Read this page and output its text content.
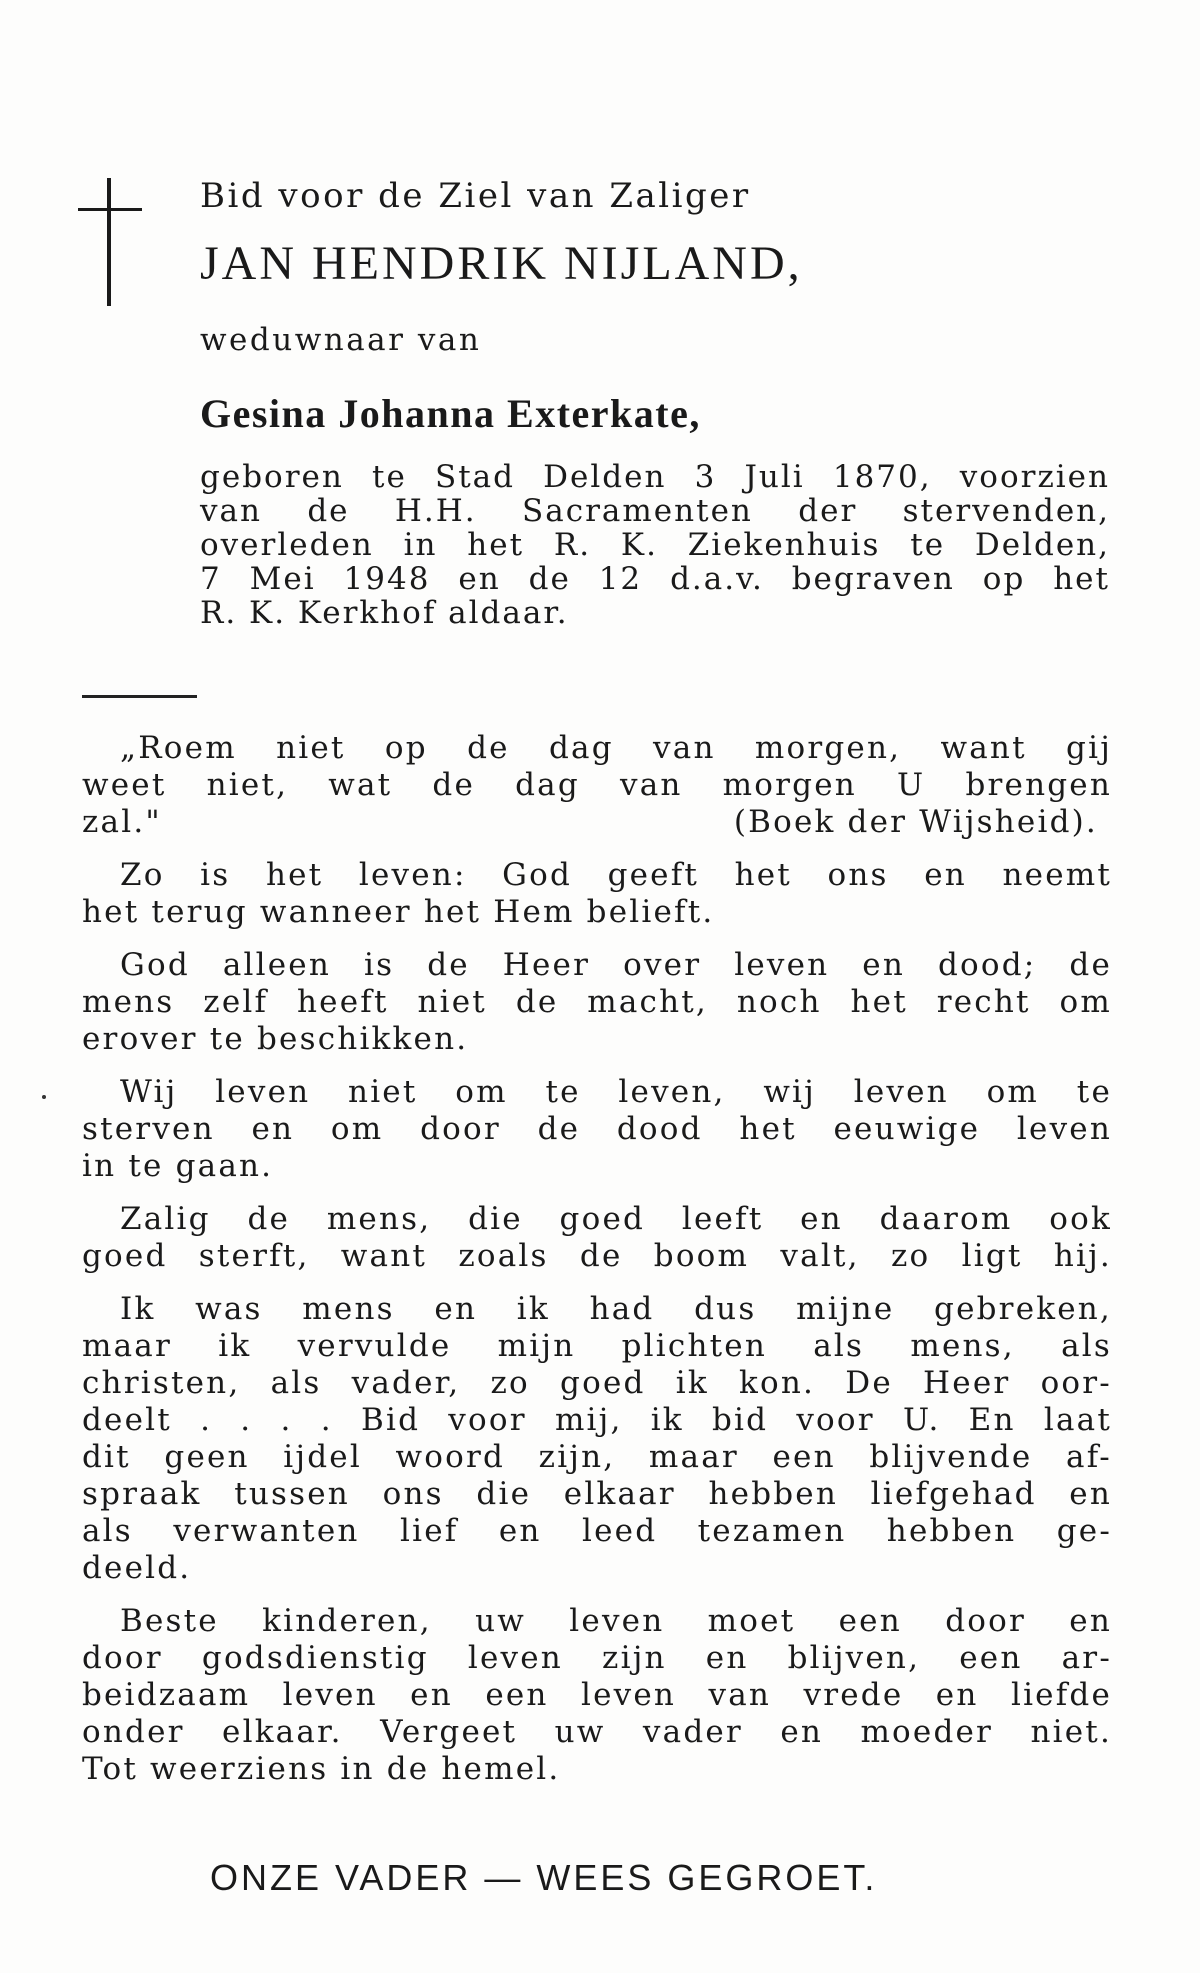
Bid voor de Ziel van Zaliger
JAN HENDRIK NIJLAND,
weduwnaar van
Gesina Johanna Exterkate,
geboren te Stad Delden 3 Juli 1870, voorzien
van de H.H. Sacramenten der stervenden,
overleden in het R. K. Ziekenhuis te Delden,
7 Mei 1948 en de 12 d.a.v. begraven op het
R. K. Kerkhof aldaar.
„Roem niet op de dag van morgen, want gij
weet niet, wat de dag van morgen U brengen
zal."	(Boek der Wijsheid).
Zo is het leven: God geeft het ons en neemt
het terug wanneer het Hem belieft.
God alleen is de Heer over leven en dood; de
mens zelf heeft niet de macht, noch het recht om
erover te beschikken.
Wij leven niet om te leven, wij leven om te
sterven en om door de dood het eeuwige leven
in te gaan.
Zalig de mens, die goed leeft en daarom ook
goed sterft, want zoals de boom valt, zo ligt hij.
Ik was mens en ik had dus mijne gebreken,
maar ik vervulde mijn plichten als mens, als
christen, als vader, zo goed ik kon. De Heer oor-
deelt . . . . Bid voor mij, ik bid voor U. En laat
dit geen ijdel woord zijn, maar een blijvende af-
spraak tussen ons die elkaar hebben liefgehad en
als verwanten lief en leed tezamen hebben ge-
deeld.
Beste kinderen, uw leven moet een door en
door godsdienstig leven zijn en blijven, een ar-
beidzaam leven en een leven van vrede en liefde
onder elkaar. Vergeet uw vader en moeder niet.
Tot weerziens in de hemel.
ONZE VADER — WEES GEGROET.
